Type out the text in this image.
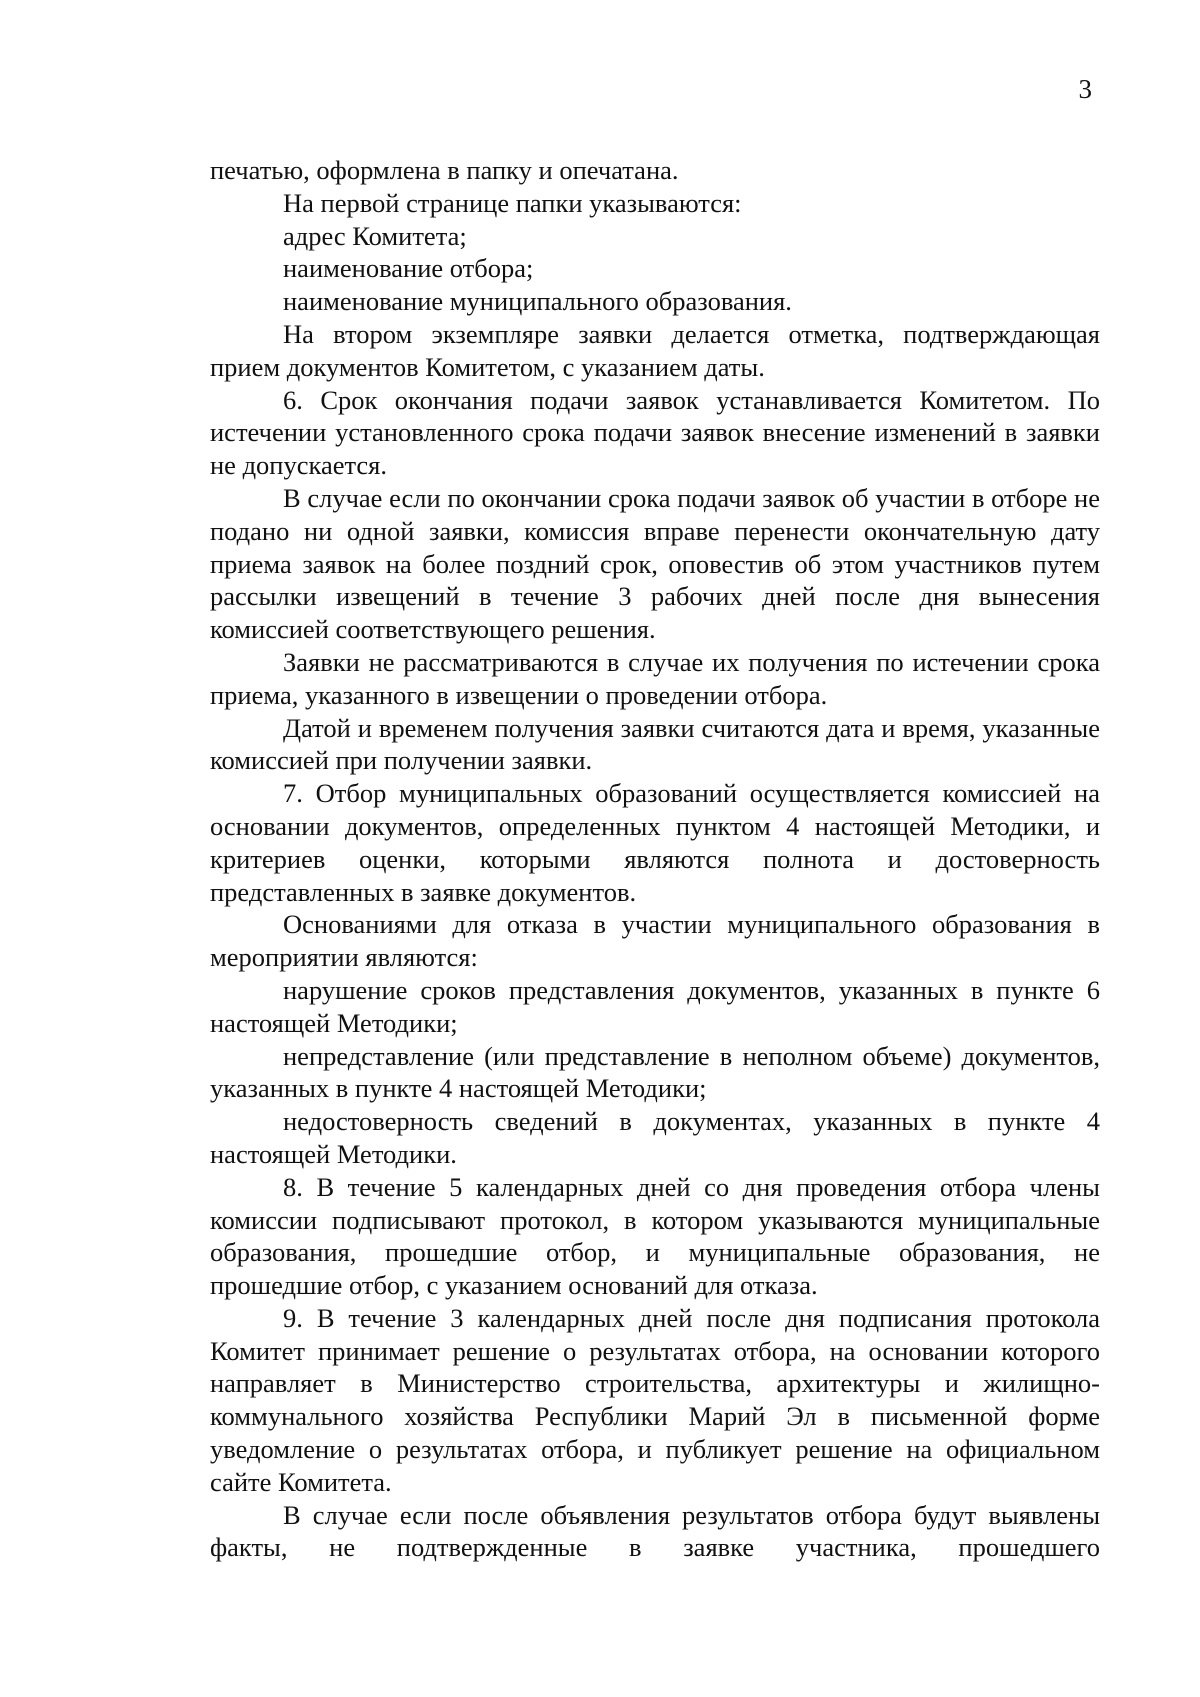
3

печатью, оформлена в папку и опечатана.

На первой странице папки указываются:

адрес Комитета;

наименование отбора;

наименование муниципального образования.

На втором экземпляре заявки делается отметка, подтверждающая прием документов Комитетом, с указанием даты.

6. Срок окончания подачи заявок устанавливается Комитетом. По истечении установленного срока подачи заявок внесение изменений в заявки не допускается.

В случае если по окончании срока подачи заявок об участии в отборе не подано ни одной заявки, комиссия вправе перенести окончательную дату приема заявок на более поздний срок, оповестив об этом участников путем рассылки извещений в течение 3 рабочих дней после дня вынесения комиссией соответствующего решения.

Заявки не рассматриваются в случае их получения по истечении срока приема, указанного в извещении о проведении отбора.

Датой и временем получения заявки считаются дата и время, указанные комиссией при получении заявки.

7. Отбор муниципальных образований осуществляется комиссией на основании документов, определенных пунктом 4 настоящей Методики, и критериев оценки, которыми являются полнота и достоверность представленных в заявке документов.

Основаниями для отказа в участии муниципального образования в мероприятии являются:

нарушение сроков представления документов, указанных в пункте 6 настоящей Методики;

непредставление (или представление в неполном объеме) документов, указанных в пункте 4 настоящей Методики;

недостоверность сведений в документах, указанных в пункте 4 настоящей Методики.

8. В течение 5 календарных дней со дня проведения отбора члены комиссии подписывают протокол, в котором указываются муниципальные образования, прошедшие отбор, и муниципальные образования, не прошедшие отбор, с указанием оснований для отказа.

9. В течение 3 календарных дней после дня подписания протокола Комитет принимает решение о результатах отбора, на основании которого направляет в Министерство строительства, архитектуры и жилищно-коммунального хозяйства Республики Марий Эл в письменной форме уведомление о результатах отбора, и публикует решение на официальном сайте Комитета.

В случае если после объявления результатов отбора будут выявлены факты, не подтвержденные в заявке участника, прошедшего
